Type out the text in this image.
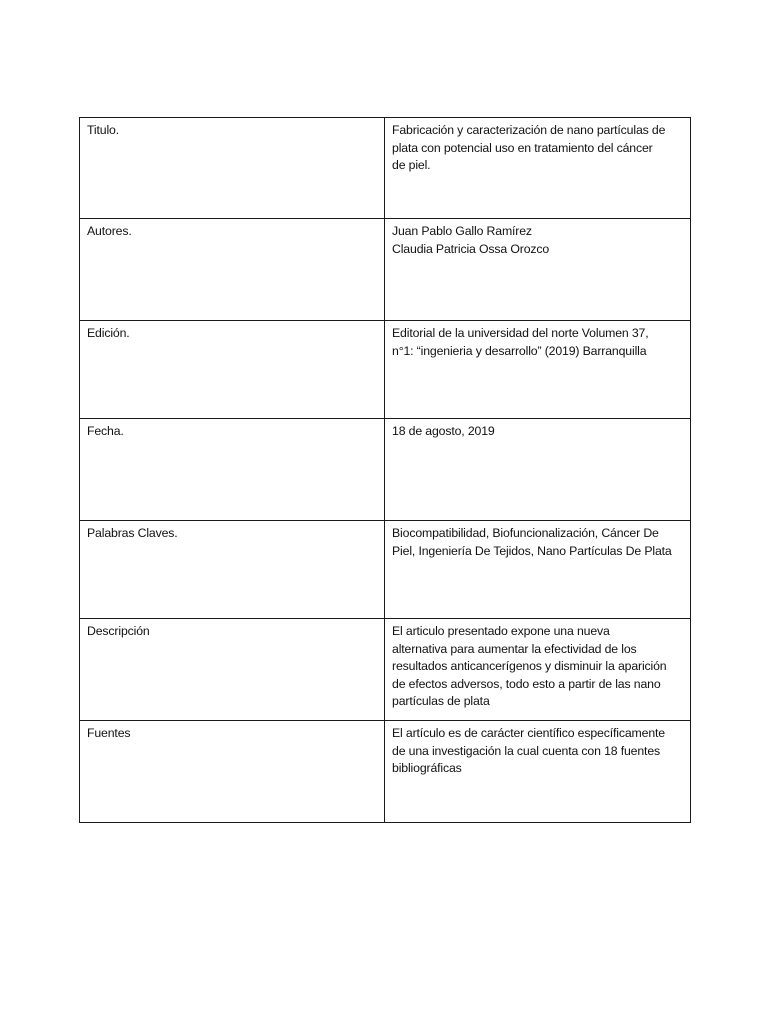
Titulo.	Fabricación y caracterización de nano partículas de
plata con potencial uso en tratamiento del cáncer
de piel.

Autores.	Juan Pablo Gallo Ramírez
Claudia Patricia Ossa Orozco

Edición.	Editorial de la universidad del norte Volumen 37,
n°1: “ingenieria y desarrollo” (2019) Barranquilla

Fecha.	18 de agosto, 2019

Palabras Claves.	Biocompatibilidad, Biofuncionalización, Cáncer De
Piel, Ingeniería De Tejidos, Nano Partículas De Plata

Descripción	El articulo presentado expone una nueva
alternativa para aumentar la efectividad de los
resultados anticancerígenos y disminuir la aparición
de efectos adversos, todo esto a partir de las nano
partículas de plata

Fuentes	El artículo es de carácter científico específicamente
de una investigación la cual cuenta con 18 fuentes
bibliográficas
